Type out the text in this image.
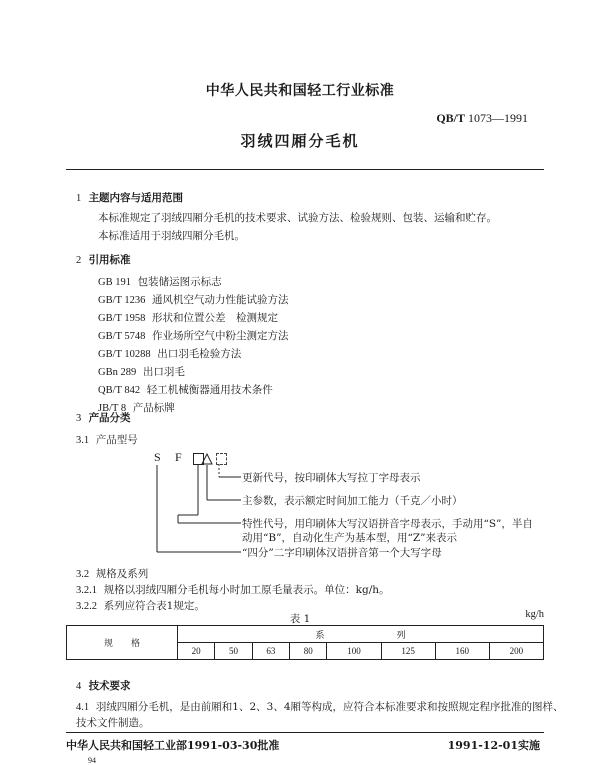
中华人民共和国轻工行业标准
QB/T 1073—1991
羽绒四厢分毛机
1 主题内容与适用范围
本标准规定了羽绒四厢分毛机的技术要求、试验方法、检验规则、包装、运输和贮存。
本标准适用于羽绒四厢分毛机。
2 引用标准
GB 191 包装储运图示标志
GB/T 1236 通风机空气动力性能试验方法
GB/T 1958 形状和位置公差　检测规定
GB/T 5748 作业场所空气中粉尘测定方法
GB/T 10288 出口羽毛检验方法
GBn 289 出口羽毛
QB/T 842 轻工机械衡器通用技术条件
JB/T 8 产品标牌
3 产品分类
3.1 产品型号
S F
更新代号，按印刷体大写拉丁字母表示
主参数，表示额定时间加工能力（千克／小时）
特性代号，用印刷体大写汉语拼音字母表示，手动用“S”，半自
动用“B”，自动化生产为基本型，用“Z”来表示
“四分”二字印刷体汉语拼音第一个大写字母
3.2 规格及系列
3.2.1 规格以羽绒四厢分毛机每小时加工原毛量表示。单位：kg/h。
3.2.2 系列应符合表1规定。
表 1	kg/h
规　　格	系　　　　　　　　列							
	20	50	63	80	100	125	160	200
4 技术要求
4.1 羽绒四厢分毛机，是由前厢和1、2、3、4厢等构成，应符合本标准要求和按照规定程序批准的图样、
技术文件制造。
中华人民共和国轻工业部1991-03-30批准	1991-12-01实施
94
